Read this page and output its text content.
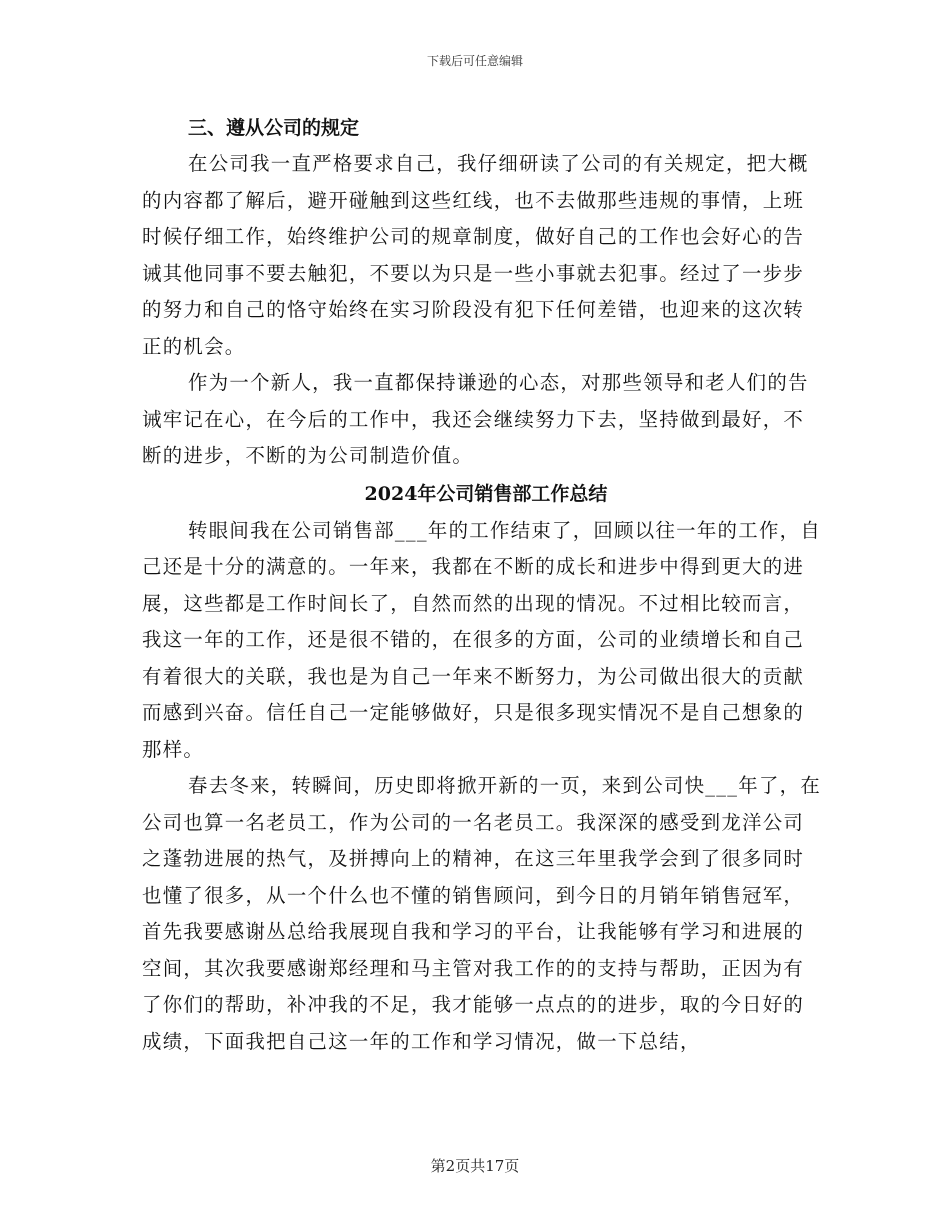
下载后可任意编辑

三、遵从公司的规定

在公司我一直严格要求自己，我仔细研读了公司的有关规定，把大概的内容都了解后，避开碰触到这些红线，也不去做那些违规的事情，上班时候仔细工作，始终维护公司的规章制度，做好自己的工作也会好心的告诫其他同事不要去触犯，不要以为只是一些小事就去犯事。经过了一步步的努力和自己的恪守始终在实习阶段没有犯下任何差错，也迎来的这次转正的机会。

作为一个新人，我一直都保持谦逊的心态，对那些领导和老人们的告诫牢记在心，在今后的工作中，我还会继续努力下去，坚持做到最好，不断的进步，不断的为公司制造价值。

2024年公司销售部工作总结

转眼间我在公司销售部___年的工作结束了，回顾以往一年的工作，自己还是十分的满意的。一年来，我都在不断的成长和进步中得到更大的进展，这些都是工作时间长了，自然而然的出现的情况。不过相比较而言，我这一年的工作，还是很不错的，在很多的方面，公司的业绩增长和自己有着很大的关联，我也是为自己一年来不断努力，为公司做出很大的贡献而感到兴奋。信任自己一定能够做好，只是很多现实情况不是自己想象的那样。

春去冬来，转瞬间，历史即将掀开新的一页，来到公司快___年了，在公司也算一名老员工，作为公司的一名老员工。我深深的感受到龙洋公司之蓬勃进展的热气，及拼搏向上的精神，在这三年里我学会到了很多同时也懂了很多，从一个什么也不懂的销售顾问，到今日的月销年销售冠军，首先我要感谢丛总给我展现自我和学习的平台，让我能够有学习和进展的空间，其次我要感谢郑经理和马主管对我工作的的支持与帮助，正因为有了你们的帮助，补冲我的不足，我才能够一点点的的进步，取的今日好的成绩，下面我把自己这一年的工作和学习情况，做一下总结，

第2页共17页
